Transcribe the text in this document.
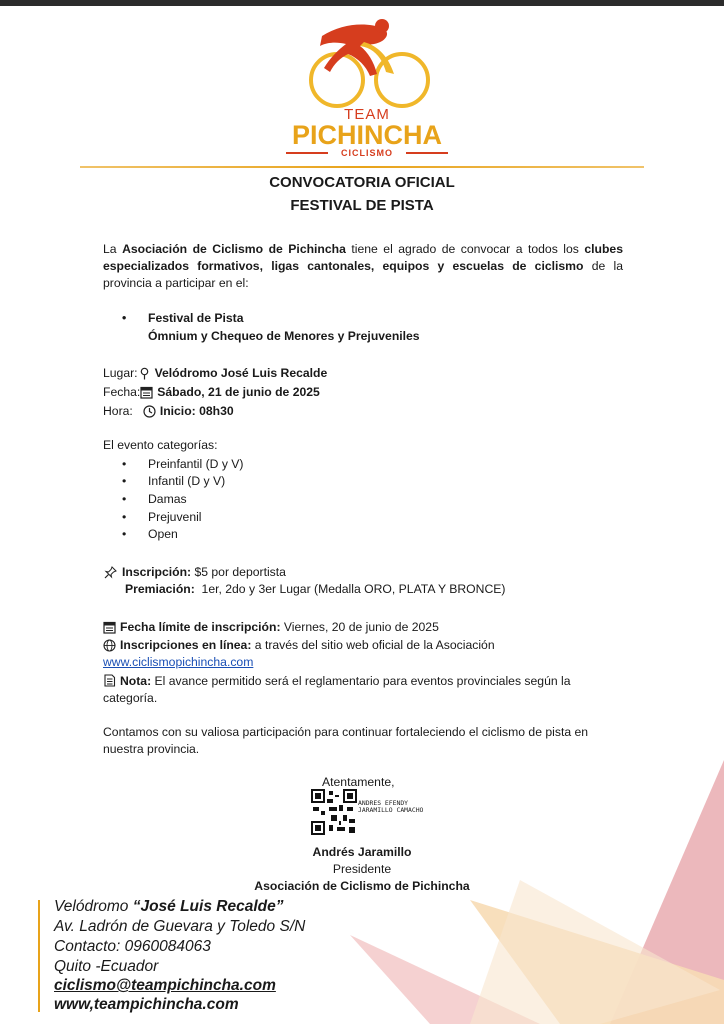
TEAM
PICHINCHA
CICLISMO
CONVOCATORIA OFICIAL
FESTIVAL DE PISTA
La Asociación de Ciclismo de Pichincha tiene el agrado de convocar a todos los clubes especializados formativos, ligas cantonales, equipos y escuelas de ciclismo de la provincia a participar en el:
• Festival de Pista
Ómnium y Chequeo de Menores y Prejuveniles
Lugar: Velódromo José Luis Recalde
Fecha: Sábado, 21 de junio de 2025
Hora: Inicio: 08h30
El evento categorías:
Preinfantil (D y V)
Infantil (D y V)
Damas
Prejuvenil
Open
Inscripción: $5 por deportista
Premiación: 1er, 2do y 3er Lugar (Medalla ORO, PLATA Y BRONCE)
Fecha límite de inscripción: Viernes, 20 de junio de 2025
Inscripciones en línea: a través del sitio web oficial de la Asociación
www.ciclismopichincha.com
Nota: El avance permitido será el reglamentario para eventos provinciales según la categoría.
Contamos con su valiosa participación para continuar fortaleciendo el ciclismo de pista en nuestra provincia.
Atentamente,
ANDRES EFENDY
JARAMILLO CAMACHO
Andrés Jaramillo
Presidente
Asociación de Ciclismo de Pichincha
Velódromo “José Luis Recalde”
Av. Ladrón de Guevara y Toledo S/N
Contacto: 0960084063
Quito -Ecuador
ciclismo@teampichincha.com
www,teampichincha.com
